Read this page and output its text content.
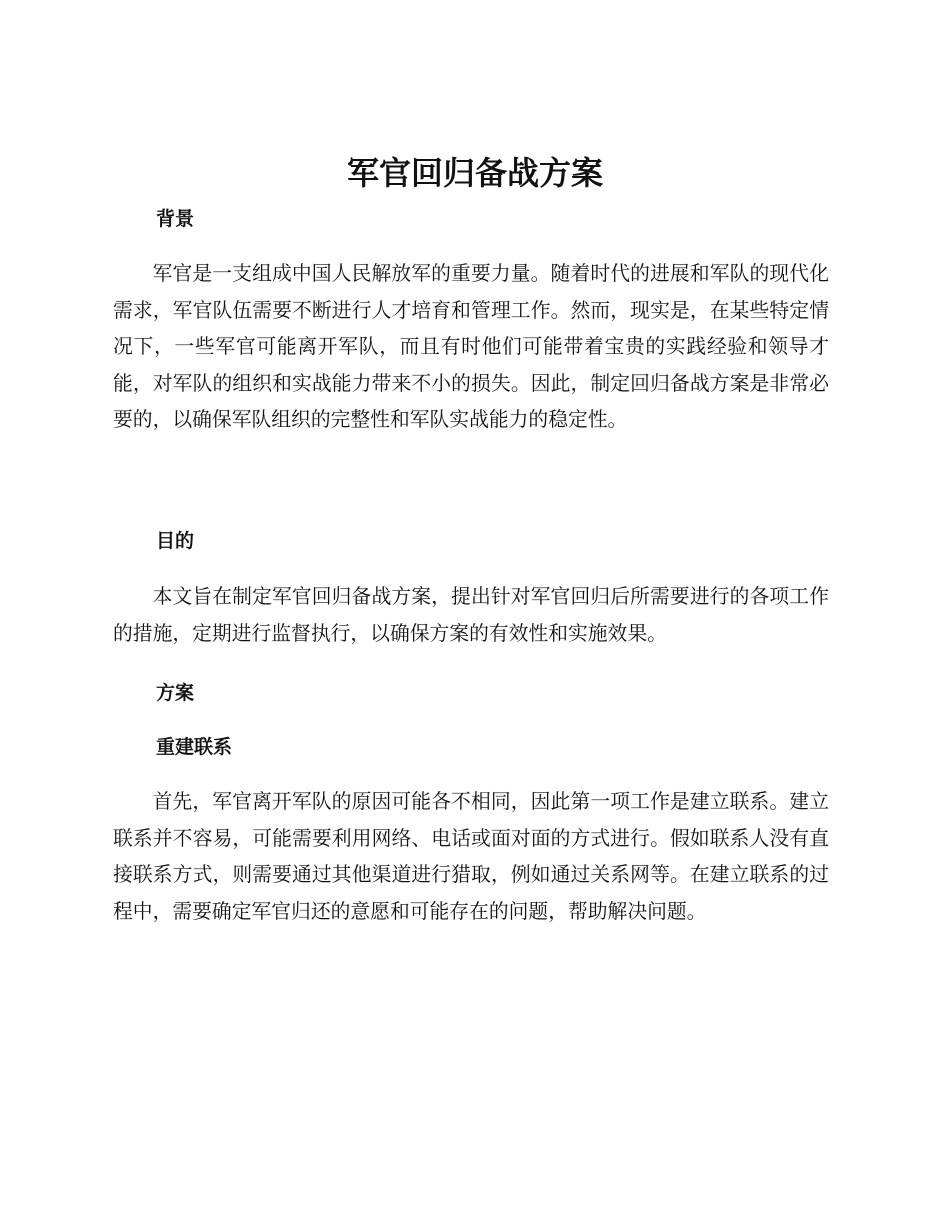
军官回归备战方案
背景

军官是一支组成中国人民解放军的重要力量。随着时代的进展和军队的现代化需求，军官队伍需要不断进行人才培育和管理工作。然而，现实是，在某些特定情况下，一些军官可能离开军队，而且有时他们可能带着宝贵的实践经验和领导才能，对军队的组织和实战能力带来不小的损失。因此，制定回归备战方案是非常必要的，以确保军队组织的完整性和军队实战能力的稳定性。

目的

本文旨在制定军官回归备战方案，提出针对军官回归后所需要进行的各项工作的措施，定期进行监督执行，以确保方案的有效性和实施效果。

方案
重建联系

首先，军官离开军队的原因可能各不相同，因此第一项工作是建立联系。建立联系并不容易，可能需要利用网络、电话或面对面的方式进行。假如联系人没有直接联系方式，则需要通过其他渠道进行猎取，例如通过关系网等。在建立联系的过程中，需要确定军官归还的意愿和可能存在的问题，帮助解决问题。
